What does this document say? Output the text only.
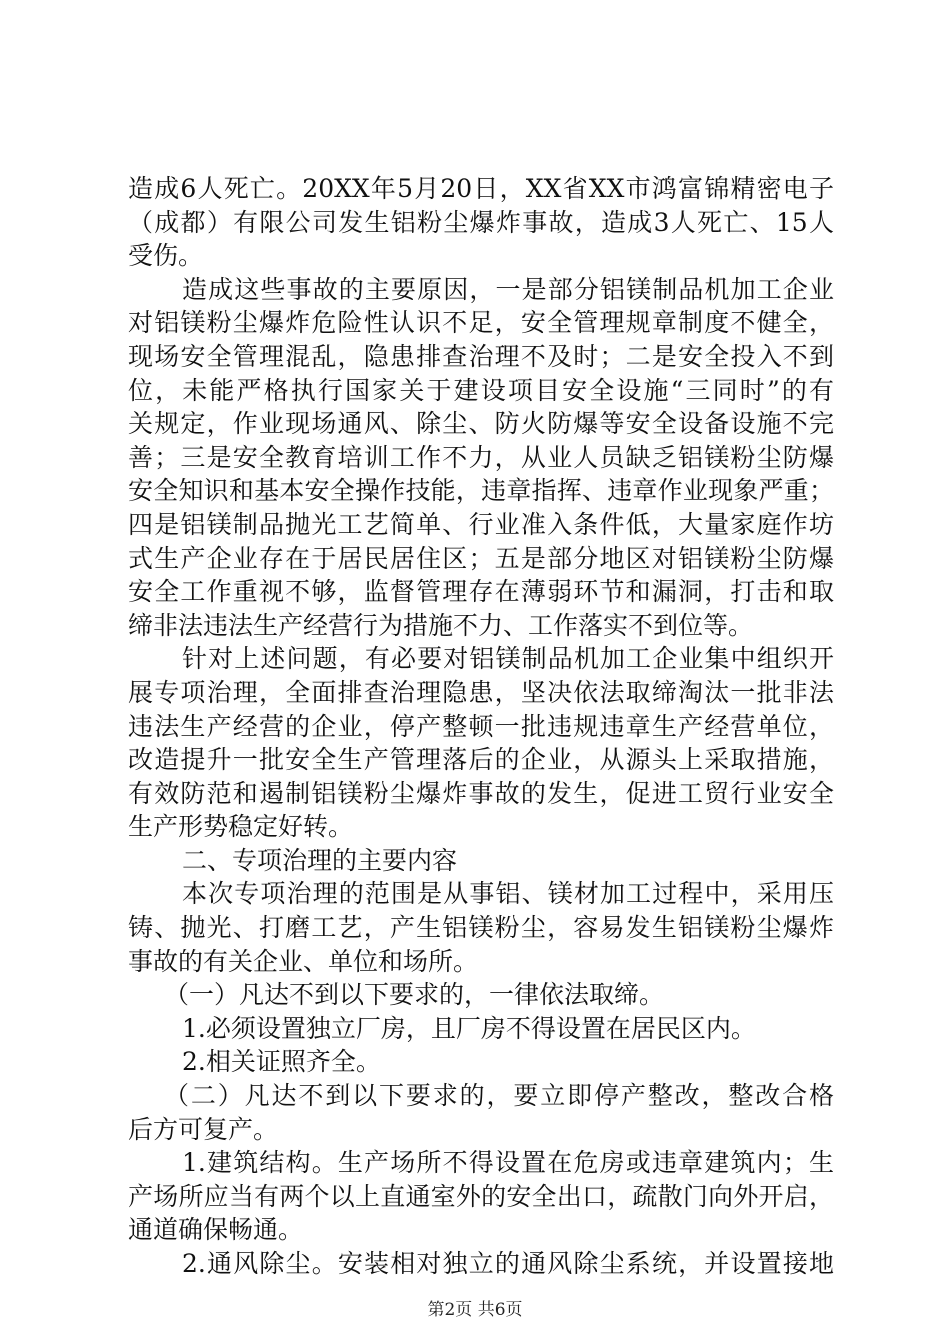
造成6人死亡。20XX年5月20日，XX省XX市鸿富锦精密电子
（成都）有限公司发生铝粉尘爆炸事故，造成3人死亡、15人
受伤。
造成这些事故的主要原因，一是部分铝镁制品机加工企业
对铝镁粉尘爆炸危险性认识不足，安全管理规章制度不健全，
现场安全管理混乱，隐患排查治理不及时；二是安全投入不到
位，未能严格执行国家关于建设项目安全设施“三同时”的有
关规定，作业现场通风、除尘、防火防爆等安全设备设施不完
善；三是安全教育培训工作不力，从业人员缺乏铝镁粉尘防爆
安全知识和基本安全操作技能，违章指挥、违章作业现象严重；
四是铝镁制品抛光工艺简单、行业准入条件低，大量家庭作坊
式生产企业存在于居民居住区；五是部分地区对铝镁粉尘防爆
安全工作重视不够，监督管理存在薄弱环节和漏洞，打击和取
缔非法违法生产经营行为措施不力、工作落实不到位等。
针对上述问题，有必要对铝镁制品机加工企业集中组织开
展专项治理，全面排查治理隐患，坚决依法取缔淘汰一批非法
违法生产经营的企业，停产整顿一批违规违章生产经营单位，
改造提升一批安全生产管理落后的企业，从源头上采取措施，
有效防范和遏制铝镁粉尘爆炸事故的发生，促进工贸行业安全
生产形势稳定好转。
二、专项治理的主要内容
本次专项治理的范围是从事铝、镁材加工过程中，采用压
铸、抛光、打磨工艺，产生铝镁粉尘，容易发生铝镁粉尘爆炸
事故的有关企业、单位和场所。
（一）凡达不到以下要求的，一律依法取缔。
1.必须设置独立厂房，且厂房不得设置在居民区内。
2.相关证照齐全。
（二）凡达不到以下要求的，要立即停产整改，整改合格
后方可复产。
1.建筑结构。生产场所不得设置在危房或违章建筑内；生
产场所应当有两个以上直通室外的安全出口，疏散门向外开启，
通道确保畅通。
2.通风除尘。安装相对独立的通风除尘系统，并设置接地
第2页 共6页
